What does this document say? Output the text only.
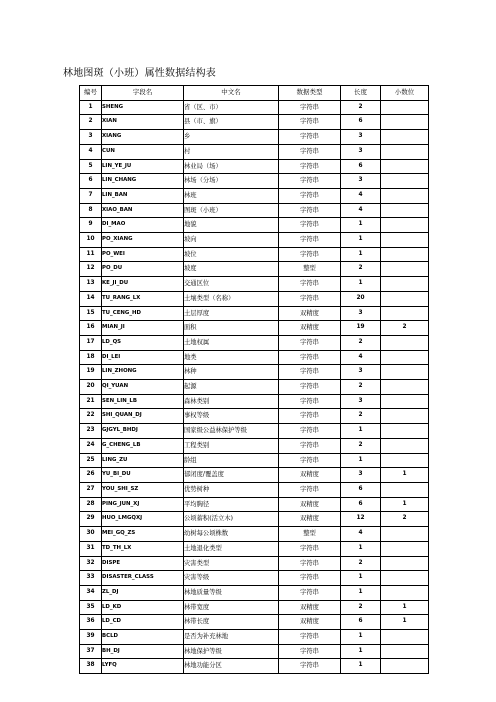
林地图斑（小班）属性数据结构表
编号	字段名	中文名	数据类型	长度	小数位
1	SHENG	省（区、市）	字符串	2	
2	XIAN	县（市、旗）	字符串	6	
3	XIANG	乡	字符串	3	
4	CUN	村	字符串	3	
5	LIN_YE_JU	林业局（场）	字符串	6	
6	LIN_CHANG	林场（分场）	字符串	3	
7	LIN_BAN	林班	字符串	4	
8	XIAO_BAN	图斑（小班）	字符串	4	
9	DI_MAO	地貌	字符串	1	
10	PO_XIANG	坡向	字符串	1	
11	PO_WEI	坡位	字符串	1	
12	PO_DU	坡度	整型	2	
13	KE_JI_DU	交通区位	字符串	1	
14	TU_RANG_LX	土壤类型（名称）	字符串	20	
15	TU_CENG_HD	土层厚度	双精度	3	
16	MIAN_JI	面积	双精度	19	2
17	LD_QS	土地权属	字符串	2	
18	DI_LEI	地类	字符串	4	
19	LIN_ZHONG	林种	字符串	3	
20	QI_YUAN	起源	字符串	2	
21	SEN_LIN_LB	森林类别	字符串	3	
22	SHI_QUAN_DJ	事权等级	字符串	2	
23	GJGYL_BHDJ	国家级公益林保护等级	字符串	1	
24	G_CHENG_LB	工程类别	字符串	2	
25	LING_ZU	龄组	字符串	1	
26	YU_BI_DU	郁闭度/覆盖度	双精度	3	1
27	YOU_SHI_SZ	优势树种	字符串	6	
28	PING_JUN_XJ	平均胸径	双精度	6	1
29	HUO_LMGQXJ	公顷蓄积(活立木)	双精度	12	2
30	MEI_GQ_ZS	幼树每公顷株数	整型	4	
31	TD_TH_LX	土地退化类型	字符串	1	
32	DISPE	灾害类型	字符串	2	
33	DISASTER_CLASS	灾害等级	字符串	1	
34	ZL_DJ	林地质量等级	字符串	1	
35	LD_KD	林带宽度	双精度	2	1
36	LD_CD	林带长度	双精度	6	1
39	BCLD	是否为补充林地	字符串	1	
37	BH_DJ	林地保护等级	字符串	1	
38	LYFQ	林地功能分区	字符串	1	
